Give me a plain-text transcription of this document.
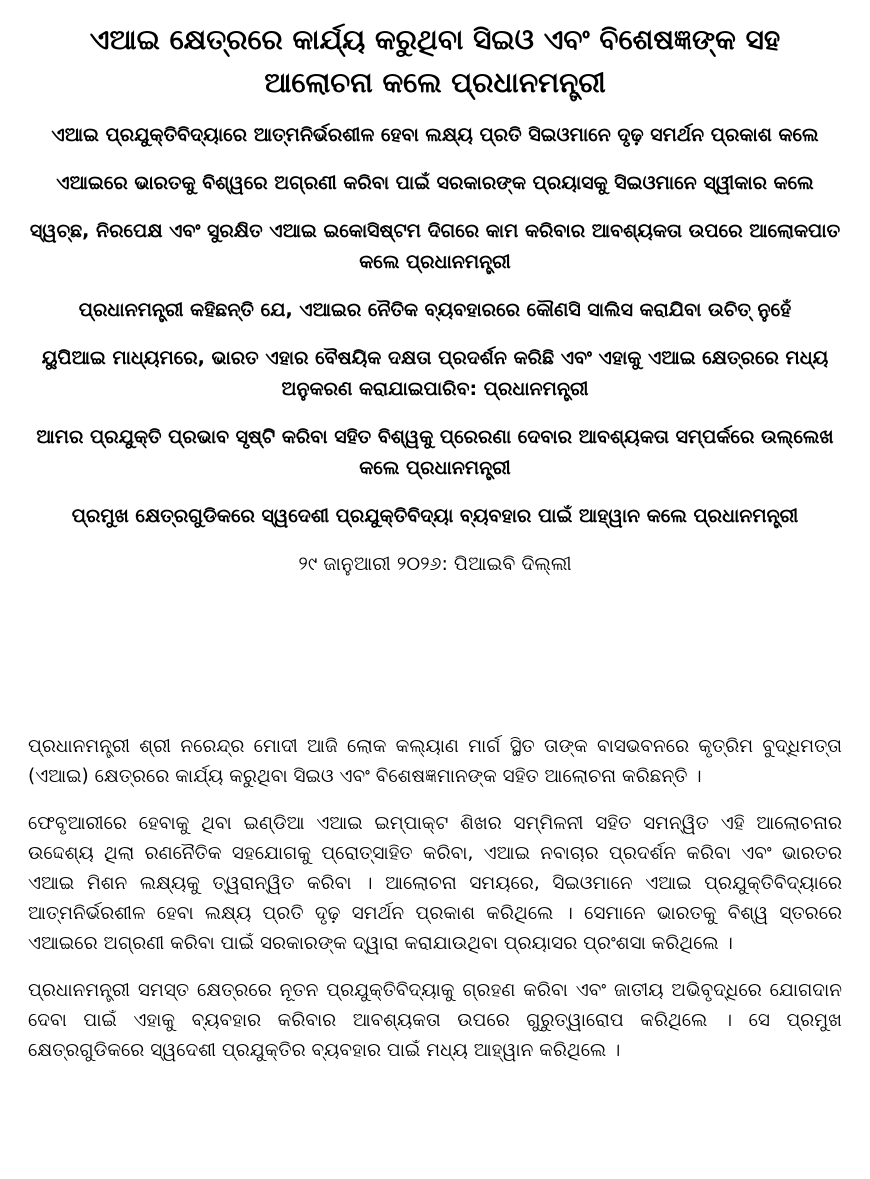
ଏଆଇ କ୍ଷେତ୍ରରେ କାର୍ଯ୍ୟ କରୁଥିବା ସିଇଓ ଏବଂ ବିଶେଷଜ୍ଞଙ୍କ ସହ ଆଲୋଚନା କଲେ ପ୍ରଧାନମନ୍ତ୍ରୀ
ଏଆଇ ପ୍ରଯୁକ୍ତିବିଦ୍ୟାରେ ଆତ୍ମନିର୍ଭରଶୀଳ ହେବା ଲକ୍ଷ୍ୟ ପ୍ରତି ସିଇଓମାନେ ଦୃଢ଼ ସମର୍ଥନ ପ୍ରକାଶ କଲେ
ଏଆଇରେ ଭାରତକୁ ବିଶ୍ୱରେ ଅଗ୍ରଣୀ କରିବା ପାଇଁ ସରକାରଙ୍କ ପ୍ରୟାସକୁ ସିଇଓମାନେ ସ୍ୱୀକାର କଲେ
ସ୍ୱଚ୍ଛ, ନିରପେକ୍ଷ ଏବଂ ସୁରକ୍ଷିତ ଏଆଇ ଇକୋସିଷ୍ଟମ ଦିଗରେ କାମ କରିବାର ଆବଶ୍ୟକତା ଉପରେ ଆଲୋକପାତ କଲେ ପ୍ରଧାନମନ୍ତ୍ରୀ
ପ୍ରଧାନମନ୍ତ୍ରୀ କହିଛନ୍ତି ଯେ, ଏଆଇର ନୈତିକ ବ୍ୟବହାରରେ କୌଣସି ସାଲିସ କରାଯିବା ଉଚିତ୍ ନୁହେଁ
ୟୁପିଆଇ ମାଧ୍ୟମରେ, ଭାରତ ଏହାର ବୈଷୟିକ ଦକ୍ଷତା ପ୍ରଦର୍ଶନ କରିଛି ଏବଂ ଏହାକୁ ଏଆଇ କ୍ଷେତ୍ରରେ ମଧ୍ୟ ଅନୁକରଣ କରାଯାଇପାରିବ: ପ୍ରଧାନମନ୍ତ୍ରୀ
ଆମର ପ୍ରଯୁକ୍ତି ପ୍ରଭାବ ସୃଷ୍ଟି କରିବା ସହିତ ବିଶ୍ୱକୁ ପ୍ରେରଣା ଦେବାର ଆବଶ୍ୟକତା ସମ୍ପର୍କରେ ଉଲ୍ଲେଖ କଲେ ପ୍ରଧାନମନ୍ତ୍ରୀ
ପ୍ରମୁଖ କ୍ଷେତ୍ରଗୁଡିକରେ ସ୍ୱଦେଶୀ ପ୍ରଯୁକ୍ତିବିଦ୍ୟା ବ୍ୟବହାର ପାଇଁ ଆହ୍ୱାନ କଲେ ପ୍ରଧାନମନ୍ତ୍ରୀ
୨୯ ଜାନୁଆରୀ ୨୦୨୬: ପିଆଇବି ଦିଲ୍ଲୀ

ପ୍ରଧାନମନ୍ତ୍ରୀ ଶ୍ରୀ ନରେନ୍ଦ୍ର ମୋଦୀ ଆଜି ଲୋକ କଲ୍ୟାଣ ମାର୍ଗ ସ୍ଥିତ ତାଙ୍କ ବାସଭବନରେ କୃତ୍ରିମ ବୁଦ୍ଧିମତ୍ତା (ଏଆଇ) କ୍ଷେତ୍ରରେ କାର୍ଯ୍ୟ କରୁଥିବା ସିଇଓ ଏବଂ ବିଶେଷଜ୍ଞମାନଙ୍କ ସହିତ ଆଲୋଚନା କରିଛନ୍ତି ।

ଫେବୃଆରୀରେ ହେବାକୁ ଥିବା ଇଣ୍ଡିଆ ଏଆଇ ଇମ୍ପାକ୍ଟ ଶିଖର ସମ୍ମିଳନୀ ସହିତ ସମନ୍ୱିତ ଏହି ଆଲୋଚନାର ଉଦ୍ଦେଶ୍ୟ ଥିଲା ରଣନୈତିକ ସହଯୋଗକୁ ପ୍ରୋତ୍ସାହିତ କରିବା, ଏଆଇ ନବାଚାର ପ୍ରଦର୍ଶନ କରିବା ଏବଂ ଭାରତର ଏଆଇ ମିଶନ ଲକ୍ଷ୍ୟକୁ ତ୍ୱରାନ୍ୱିତ କରିବା । ଆଲୋଚନା ସମୟରେ, ସିଇଓମାନେ ଏଆଇ ପ୍ରଯୁକ୍ତିବିଦ୍ୟାରେ ଆତ୍ମନିର୍ଭରଶୀଳ ହେବା ଲକ୍ଷ୍ୟ ପ୍ରତି ଦୃଢ଼ ସମର୍ଥନ ପ୍ରକାଶ କରିଥିଲେ । ସେମାନେ ଭାରତକୁ ବିଶ୍ୱ ସ୍ତରରେ ଏଆଇରେ ଅଗ୍ରଣୀ କରିବା ପାଇଁ ସରକାରଙ୍କ ଦ୍ୱାରା କରାଯାଉଥିବା ପ୍ରୟାସର ପ୍ରଂଶସା କରିଥିଲେ ।

ପ୍ରଧାନମନ୍ତ୍ରୀ ସମସ୍ତ କ୍ଷେତ୍ରରେ ନୂତନ ପ୍ରଯୁକ୍ତିବିଦ୍ୟାକୁ ଗ୍ରହଣ କରିବା ଏବଂ ଜାତୀୟ ଅଭିବୃଦ୍ଧିରେ ଯୋଗଦାନ ଦେବା ପାଇଁ ଏହାକୁ ବ୍ୟବହାର କରିବାର ଆବଶ୍ୟକତା ଉପରେ ଗୁରୁତ୍ୱାରୋପ କରିଥିଲେ । ସେ ପ୍ରମୁଖ କ୍ଷେତ୍ରଗୁଡିକରେ ସ୍ୱଦେଶୀ ପ୍ରଯୁକ୍ତିର ବ୍ୟବହାର ପାଇଁ ମଧ୍ୟ ଆହ୍ୱାନ କରିଥିଲେ ।
